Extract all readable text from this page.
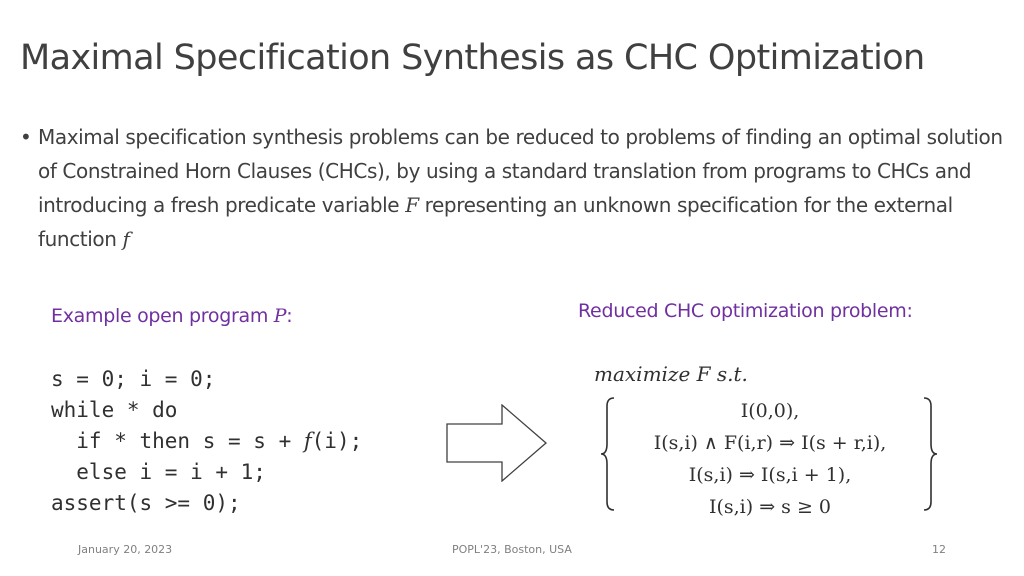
Maximal Specification Synthesis as CHC Optimization
• Maximal specification synthesis problems can be reduced to problems of finding an optimal solution of Constrained Horn Clauses (CHCs), by using a standard translation from programs to CHCs and introducing a fresh predicate variable F representing an unknown specification for the external function f
Example open program P:
s = 0; i = 0;
while * do
if * then s = s + f(i);
else i = i + 1;
assert(s >= 0);
Reduced CHC optimization problem:
maximize F s.t.
I(0,0),
I(s,i) ∧ F(i,r) ⇒ I(s + r,i),
I(s,i) ⇒ I(s,i + 1),
I(s,i) ⇒ s ≥ 0
January 20, 2023	POPL'23, Boston, USA	12
